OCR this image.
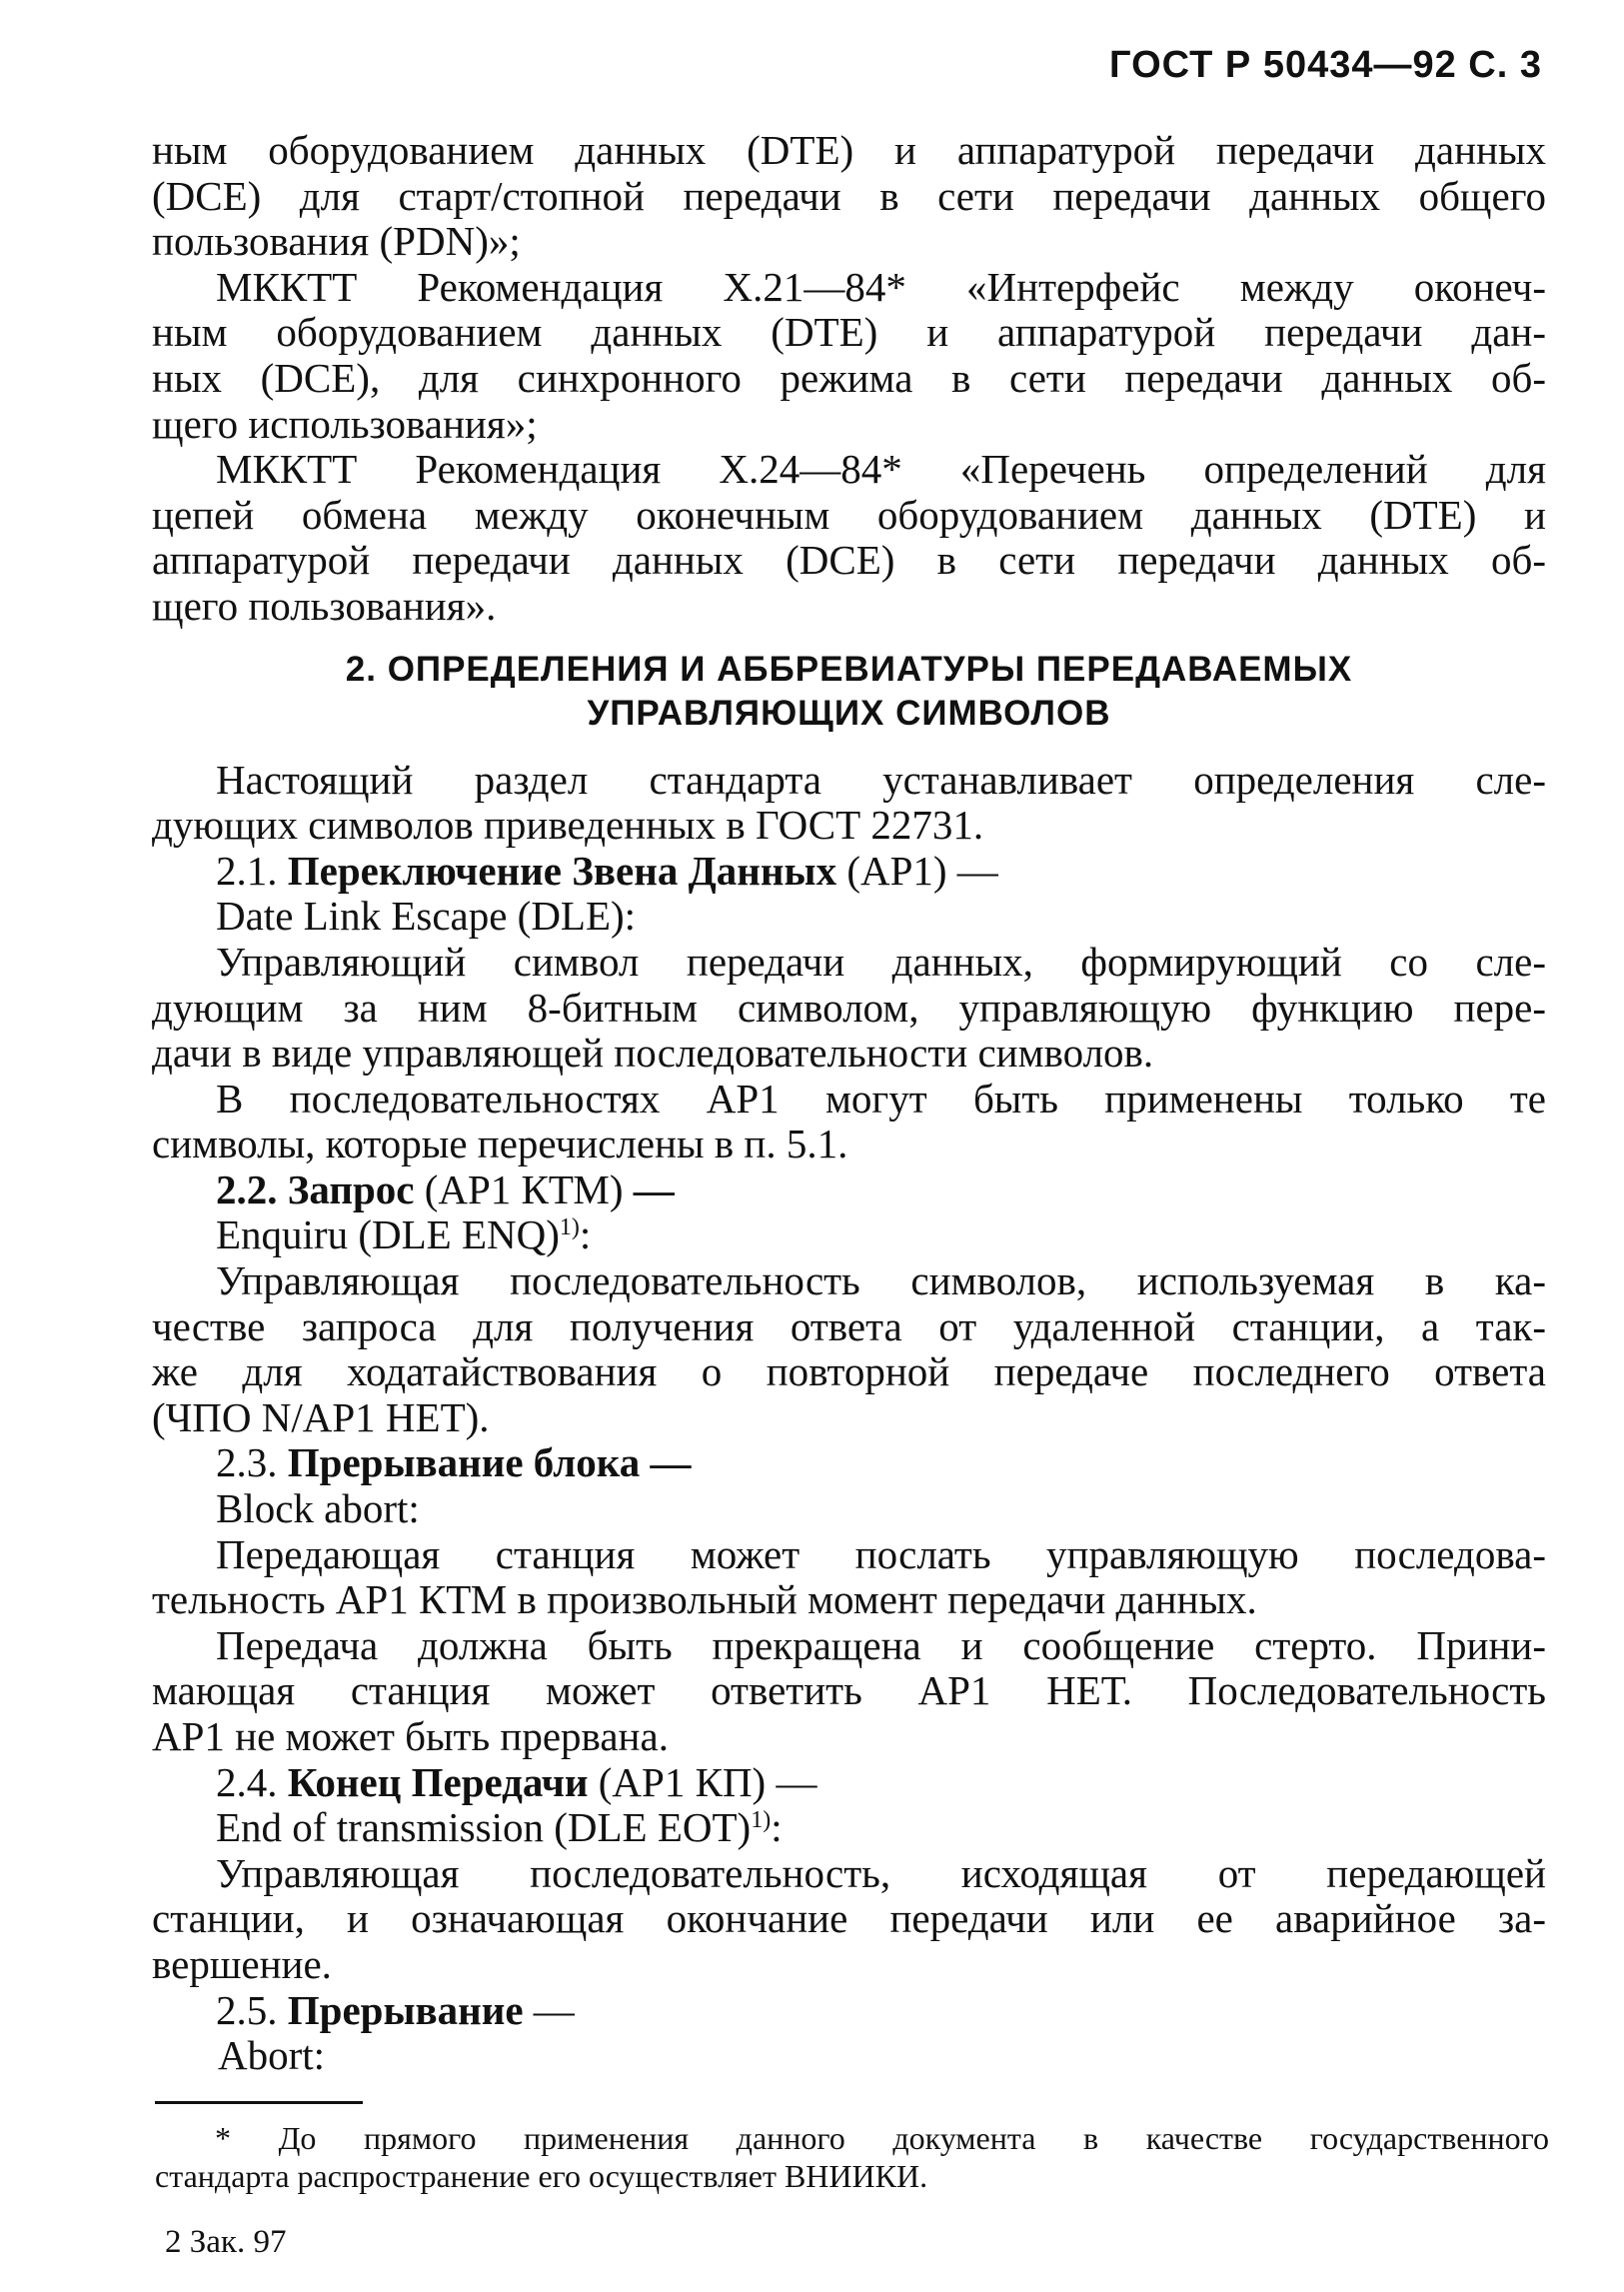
ГОСТ Р 50434—92 С. 3
ным оборудованием данных (DTE) и аппаратурой передачи данных
(DCE) для старт/стопной передачи в сети передачи данных общего
пользования (PDN)»;
МККТТ Рекомендация X.21—84* «Интерфейс между оконеч-
ным оборудованием данных (DTE) и аппаратурой передачи дан-
ных (DCE), для синхронного режима в сети передачи данных об-
щего использования»;
МККТТ Рекомендация X.24—84* «Перечень определений для
цепей обмена между оконечным оборудованием данных (DTE) и
аппаратурой передачи данных (DCE) в сети передачи данных об-
щего пользования».
2. ОПРЕДЕЛЕНИЯ И АББРЕВИАТУРЫ ПЕРЕДАВАЕМЫХ
УПРАВЛЯЮЩИХ СИМВОЛОВ
Настоящий раздел стандарта устанавливает определения сле-
дующих символов приведенных в ГОСТ 22731.
2.1. Переключение Звена Данных (АР1) —
Date Link Escape (DLE):
Управляющий символ передачи данных, формирующий со сле-
дующим за ним 8-битным символом, управляющую функцию пере-
дачи в виде управляющей последовательности символов.
В последовательностях АР1 могут быть применены только те
символы, которые перечислены в п. 5.1.
2.2. Запрос (АР1 КТМ) —
Enquiru (DLE ENQ)$^{1)}$:
Управляющая последовательность символов, используемая в ка-
честве запроса для получения ответа от удаленной станции, а так-
же для ходатайствования о повторной передаче последнего ответа
(ЧПО N/АР1 НЕТ).
2.3. Прерывание блока —
Block abort:
Передающая станция может послать управляющую последова-
тельность АР1 КТМ в произвольный момент передачи данных.
Передача должна быть прекращена и сообщение стерто. Прини-
мающая станция может ответить АР1 НЕТ. Последовательность
АР1 не может быть прервана.
2.4. Конец Передачи (АР1 КП) —
End of transmission (DLE EOT)$^{1)}$:
Управляющая последовательность, исходящая от передающей
станции, и означающая окончание передачи или ее аварийное за-
вершение.
2.5. Прерывание —
Abort:
* До прямого применения данного документа в качестве государственного
стандарта распространение его осуществляет ВНИИКИ.
2 Зак. 97
